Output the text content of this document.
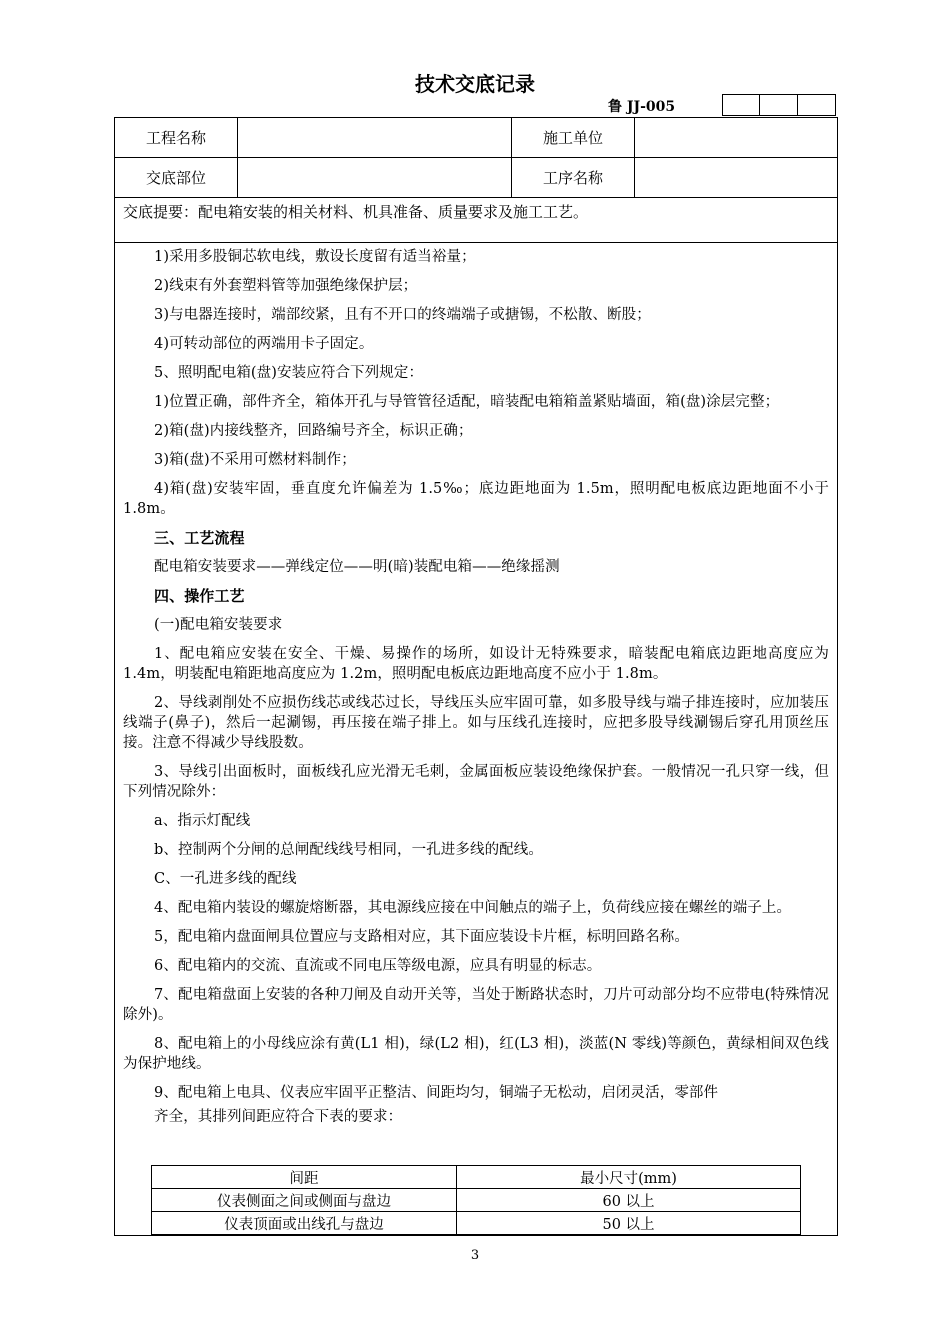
技术交底记录
鲁 JJ-005
工程名称	施工单位
交底部位	工序名称
交底提要：配电箱安装的相关材料、机具准备、质量要求及施工工艺。

1)采用多股铜芯软电线，敷设长度留有适当裕量；

2)线束有外套塑料管等加强绝缘保护层；

3)与电器连接时，端部绞紧，且有不开口的终端端子或搪锡，不松散、断股；

4)可转动部位的两端用卡子固定。

5、照明配电箱(盘)安装应符合下列规定：

1)位置正确，部件齐全，箱体开孔与导管管径适配，暗装配电箱箱盖紧贴墙面，箱(盘)涂层完整；

2)箱(盘)内接线整齐，回路编号齐全，标识正确；

3)箱(盘)不采用可燃材料制作；

4)箱(盘)安装牢固，垂直度允许偏差为 1.5‰；底边距地面为 1.5m，照明配电板底边距地面不小于 1.8m。

三、工艺流程

配电箱安装要求——弹线定位——明(暗)装配电箱——绝缘摇测

四、操作工艺

(一)配电箱安装要求

1、配电箱应安装在安全、干燥、易操作的场所，如设计无特殊要求，暗装配电箱底边距地高度应为 1.4m，明装配电箱距地高度应为 1.2m，照明配电板底边距地高度不应小于 1.8m。

2、导线剥削处不应损伤线芯或线芯过长，导线压头应牢固可靠，如多股导线与端子排连接时，应加装压线端子(鼻子)，然后一起涮锡，再压接在端子排上。如与压线孔连接时，应把多股导线涮锡后穿孔用顶丝压接。注意不得减少导线股数。

3、导线引出面板时，面板线孔应光滑无毛刺，金属面板应装设绝缘保护套。一般情况一孔只穿一线，但下列情况除外：

a、指示灯配线

b、控制两个分闸的总闸配线线号相同，一孔进多线的配线。

C、一孔进多线的配线

4、配电箱内装设的螺旋熔断器，其电源线应接在中间触点的端子上，负荷线应接在螺丝的端子上。

5，配电箱内盘面闸具位置应与支路相对应，其下面应装设卡片框，标明回路名称。

6、配电箱内的交流、直流或不同电压等级电源，应具有明显的标志。

7、配电箱盘面上安装的各种刀闸及自动开关等，当处于断路状态时，刀片可动部分均不应带电(特殊情况除外)。

8、配电箱上的小母线应涂有黄(L1 相)，绿(L2 相)，红(L3 相)，淡蓝(N 零线)等颜色，黄绿相间双色线为保护地线。

9、配电箱上电具、仪表应牢固平正整洁、间距均匀，铜端子无松动，启闭灵活，零部件

齐全，其排列间距应符合下表的要求：

间距	最小尺寸(mm)
仪表侧面之间或侧面与盘边	60 以上
仪表顶面或出线孔与盘边	50 以上
3
